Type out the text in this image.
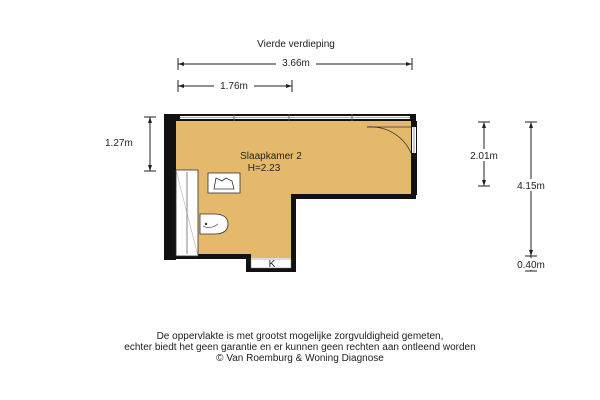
Vierde verdieping
3.66m
1.76m
1.27m
2.01m
4.15m
0.40m
K
Slaapkamer 2
H=2.23
De oppervlakte is met grootst mogelijke zorgvuldigheid gemeten,
echter biedt het geen garantie en er kunnen geen rechten aan ontleend worden
© Van Roemburg & Woning Diagnose
